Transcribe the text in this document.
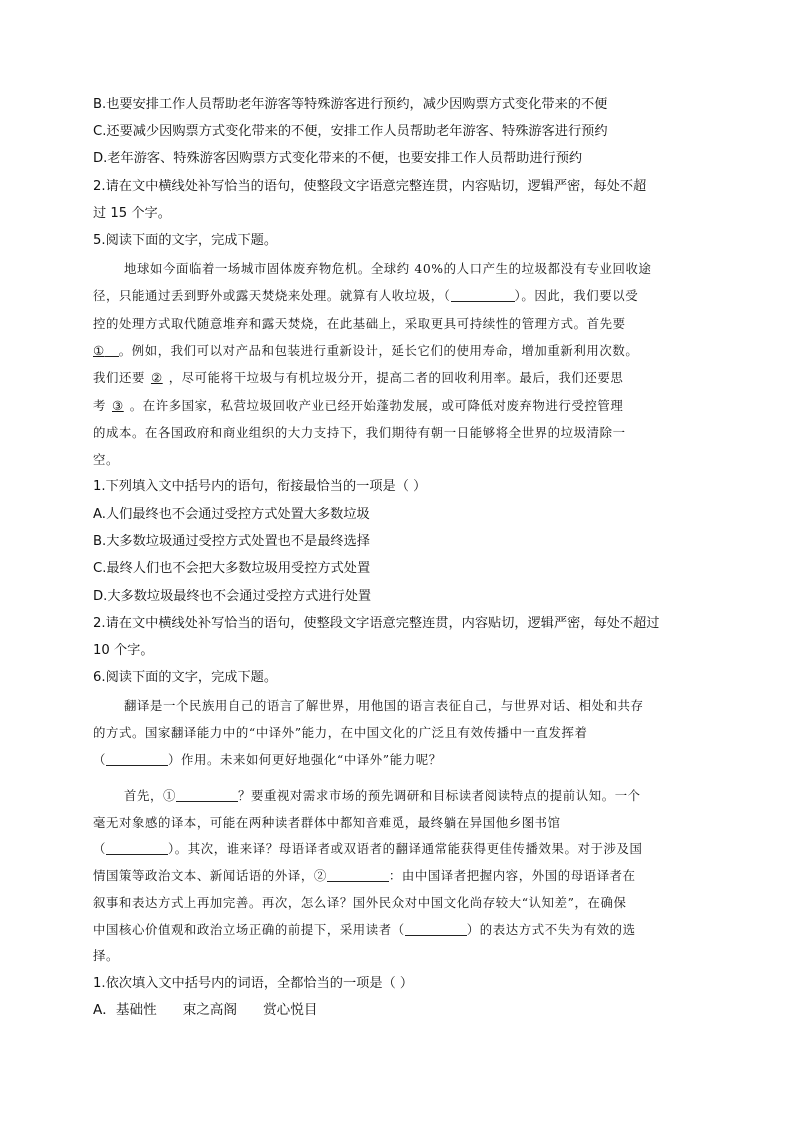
B.也要安排工作人员帮助老年游客等特殊游客进行预约，减少因购票方式变化带来的不便
C.还要减少因购票方式变化带来的不便，安排工作人员帮助老年游客、特殊游客进行预约
D.老年游客、特殊游客因购票方式变化带来的不便，也要安排工作人员帮助进行预约
2.请在文中横线处补写恰当的语句，使整段文字语意完整连贯，内容贴切，逻辑严密，每处不超
过 15 个字。
5.阅读下面的文字，完成下题。
地球如今面临着一场城市固体废弃物危机。全球约 40%的人口产生的垃圾都没有专业回收途
径，只能通过丢到野外或露天焚烧来处理。就算有人收垃圾，（	）。因此，我们要以受
控的处理方式取代随意堆弃和露天焚烧，在此基础上，采取更具可持续性的管理方式。首先要
① 。例如，我们可以对产品和包装进行重新设计，延长它们的使用寿命，增加重新利用次数。
我们还要 ② ，尽可能将干垃圾与有机垃圾分开，提高二者的回收利用率。最后，我们还要思
考 ③ 。在许多国家，私营垃圾回收产业已经开始蓬勃发展，或可降低对废弃物进行受控管理
的成本。在各国政府和商业组织的大力支持下，我们期待有朝一日能够将全世界的垃圾清除一
空。
1.下列填入文中括号内的语句，衔接最恰当的一项是（ ）
A.人们最终也不会通过受控方式处置大多数垃圾
B.大多数垃圾通过受控方式处置也不是最终选择
C.最终人们也不会把大多数垃圾用受控方式处置
D.大多数垃圾最终也不会通过受控方式进行处置
2.请在文中横线处补写恰当的语句，使整段文字语意完整连贯，内容贴切，逻辑严密，每处不超过
10 个字。
6.阅读下面的文字，完成下题。
翻译是一个民族用自己的语言了解世界，用他国的语言表征自己，与世界对话、相处和共存
的方式。国家翻译能力中的“中译外”能力，在中国文化的广泛且有效传播中一直发挥着
（	）作用。未来如何更好地强化“中译外”能力呢？
首先，①	？要重视对需求市场的预先调研和目标读者阅读特点的提前认知。一个
毫无对象感的译本，可能在两种读者群体中都知音难觅，最终躺在异国他乡图书馆
（	）。其次，谁来译？母语译者或双语者的翻译通常能获得更佳传播效果。对于涉及国
情国策等政治文本、新闻话语的外译，②	：由中国译者把握内容，外国的母语译者在
叙事和表达方式上再加完善。再次，怎么译？国外民众对中国文化尚存较大“认知差”，在确保
中国核心价值观和政治立场正确的前提下，采用读者（	）的表达方式不失为有效的选
择。
1.依次填入文中括号内的词语，全都恰当的一项是（ ）
A．基础性 束之高阁 赏心悦目
